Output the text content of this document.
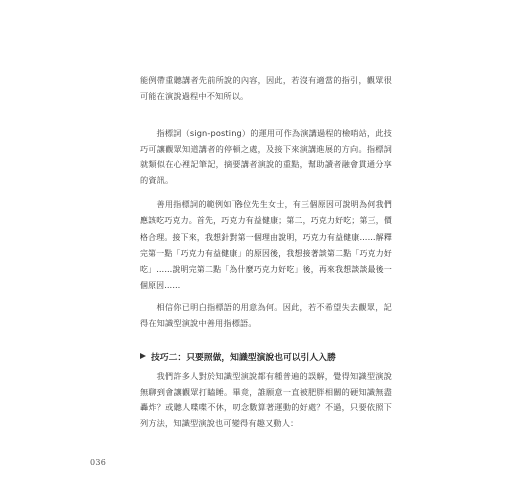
能例帶重聽講者先前所說的內容，因此，若沒有適當的指引，觀眾很可能在演說過程中不知所以。

指標詞（sign-posting）的運用可作為演講過程的檢哨站，此技巧可讓觀眾知道講者的停頓之處，及接下來演講進展的方向。指標詞就類似在心裡記筆記，摘要講者演說的重點，幫助讀者融會貫通分享的資訊。

善用指標詞的範例如下：

各位先生女士，有三個原因可說明為何我們應該吃巧克力。首先，巧克力有益健康；第二，巧克力好吃；第三，價格合理。接下來，我想針對第一個理由說明，巧克力有益健康……解釋完第一點「巧克力有益健康」的原因後，我想接著談第二點「巧克力好吃」……說明完第二點「為什麼巧克力好吃」後，再來我想談談最後一個原因……

相信你已明白指標語的用意為何。因此，若不希望失去觀眾，記得在知識型演說中善用指標語。

技巧二：只要照做，知識型演說也可以引人入勝

我們許多人對於知識型演說都有種普遍的誤解，覺得知識型演說無聊到會讓觀眾打瞌睡。畢竟，誰願意一直被肥胖相關的硬知識無盡轟炸？或聽人喋喋不休，叨念數算著運動的好處？不過，只要依照下列方法，知識型演說也可變得有趣又動人：

036
